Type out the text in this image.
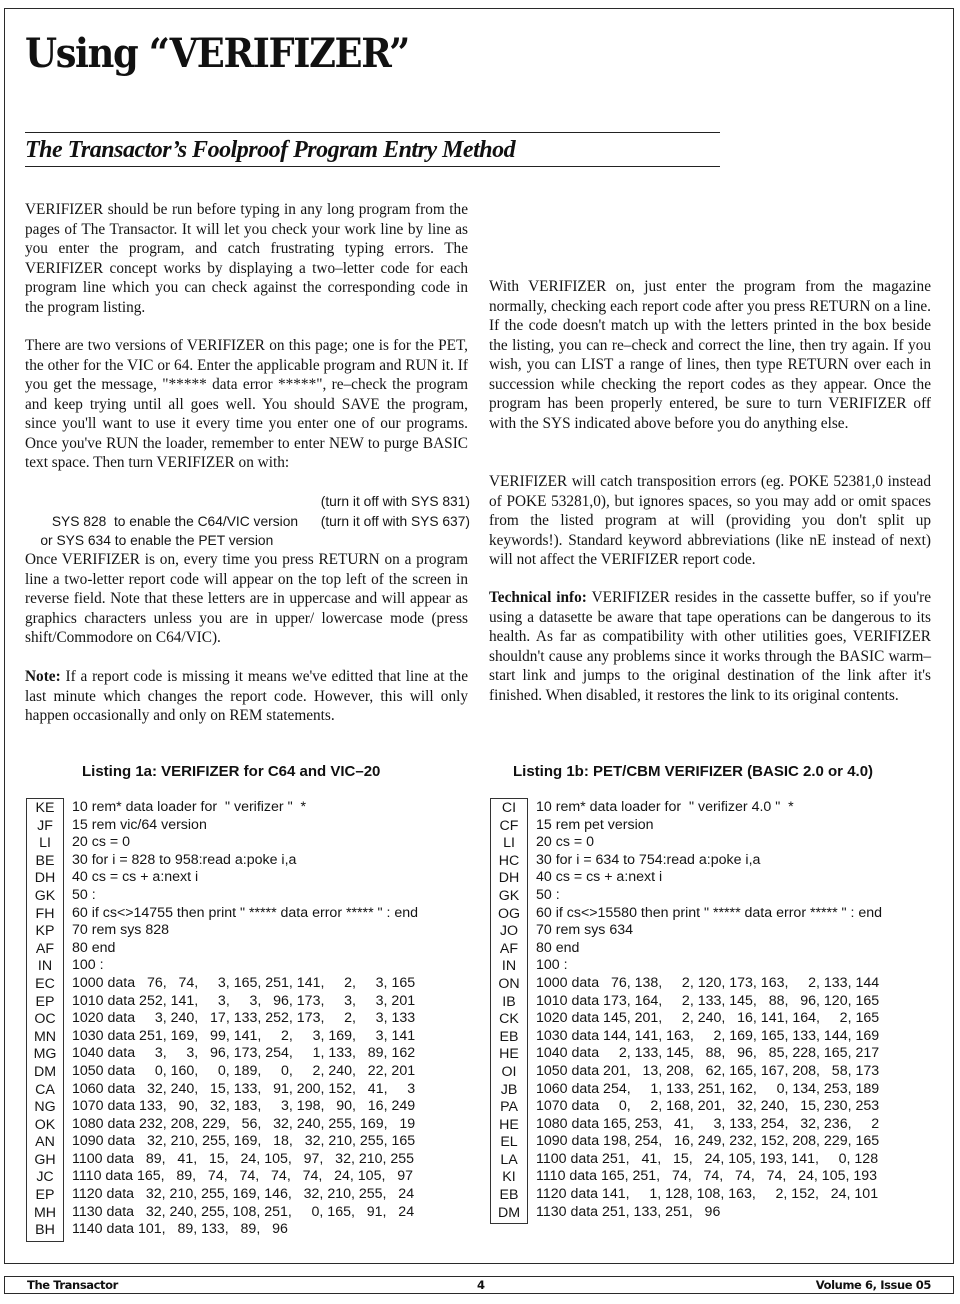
Using “VERIFIZER”
The Transactor’s Foolproof Program Entry Method

VERIFIZER should be run before typing in any long program from the pages of The Transactor. It will let you check your work line by line as you enter the program, and catch frustrating typing errors. The VERIFIZER concept works by displaying a two–letter code for each program line which you can check against the corresponding code in the program listing.

There are two versions of VERIFIZER on this page; one is for the PET, the other for the VIC or 64. Enter the applicable program and RUN it. If you get the message, "***** data error *****", re–check the program and keep trying until all goes well. You should SAVE the program, since you'll want to use it every time you enter one of our programs. Once you've RUN the loader, remember to enter NEW to purge BASIC text space. Then turn VERIFIZER on with:

SYS 828  to enable the C64/VIC version

(turn it off with SYS 831)

or SYS 634 to enable the PET version

(turn it off with SYS 637)

Once VERIFIZER is on, every time you press RETURN on a program line a two-letter report code will appear on the top left of the screen in reverse field. Note that these letters are in uppercase and will appear as graphics characters unless you are in upper/ lowercase mode (press shift/Commodore on C64/VIC).

Note: If a report code is missing it means we've editted that line at the last minute which changes the report code. However, this will only happen occasionally and only on REM statements.

With VERIFIZER on, just enter the program from the magazine normally, checking each report code after you press RETURN on a line. If the code doesn't match up with the letters printed in the box beside the listing, you can re–check and correct the line, then try again. If you wish, you can LIST a range of lines, then type RETURN over each in succession while checking the report codes as they appear. Once the program has been properly entered, be sure to turn VERIFIZER off with the SYS indicated above before you do anything else.

VERIFIZER will catch transposition errors (eg. POKE 52381,0 instead of POKE 53281,0), but ignores spaces, so you may add or omit spaces from the listed program at will (providing you don't split up keywords!). Standard keyword abbreviations (like nE instead of next) will not affect the VERIFIZER report code.

Technical info: VERIFIZER resides in the cassette buffer, so if you're using a datasette be aware that tape operations can be dangerous to its health. As far as compatibility with other utilities goes, VERIFIZER shouldn't cause any problems since it works through the BASIC warm–start link and jumps to the original destination of the link after it's finished. When disabled, it restores the link to its original contents.

Listing 1a: VERIFIZER for C64 and VIC–20
KE
JF
LI
BE
DH
GK
FH
KP
AF
IN
EC
EP
OC
MN
MG
DM
CA
NG
OK
AN
GH
JC
EP
MH
BH
10 rem* data loader for  " verifizer "  *
15 rem vic/64 version
20 cs = 0
30 for i = 828 to 958:read a:poke i,a
40 cs = cs + a:next i
50 :
60 if cs<>14755 then print " ***** data error ***** " : end
70 rem sys 828
80 end
100 :
1000 data   76,   74,     3, 165, 251, 141,     2,     3, 165
1010 data 252, 141,     3,     3,   96, 173,     3,     3, 201
1020 data     3, 240,   17, 133, 252, 173,     2,     3, 133
1030 data 251, 169,   99, 141,     2,     3, 169,     3, 141
1040 data     3,     3,   96, 173, 254,     1, 133,   89, 162
1050 data     0, 160,     0, 189,     0,     2, 240,   22, 201
1060 data   32, 240,   15, 133,   91, 200, 152,   41,     3
1070 data 133,   90,   32, 183,     3, 198,   90,   16, 249
1080 data 232, 208, 229,   56,   32, 240, 255, 169,   19
1090 data   32, 210, 255, 169,   18,   32, 210, 255, 165
1100 data   89,   41,   15,   24, 105,   97,   32, 210, 255
1110 data 165,   89,   74,   74,   74,   74,   24, 105,   97
1120 data   32, 210, 255, 169, 146,   32, 210, 255,   24
1130 data   32, 240, 255, 108, 251,     0, 165,   91,   24
1140 data 101,   89, 133,   89,   96
Listing 1b: PET/CBM VERIFIZER (BASIC 2.0 or 4.0)
CI
CF
LI
HC
DH
GK
OG
JO
AF
IN
ON
IB
CK
EB
HE
OI
JB
PA
HE
EL
LA
KI
EB
DM
10 rem* data loader for  " verifizer 4.0 "  *
15 rem pet version
20 cs = 0
30 for i = 634 to 754:read a:poke i,a
40 cs = cs + a:next i
50 :
60 if cs<>15580 then print " ***** data error ***** " : end
70 rem sys 634
80 end
100 :
1000 data   76, 138,     2, 120, 173, 163,     2, 133, 144
1010 data 173, 164,     2, 133, 145,   88,   96, 120, 165
1020 data 145, 201,     2, 240,   16, 141, 164,     2, 165
1030 data 144, 141, 163,     2, 169, 165, 133, 144, 169
1040 data     2, 133, 145,   88,   96,   85, 228, 165, 217
1050 data 201,   13, 208,   62, 165, 167, 208,   58, 173
1060 data 254,     1, 133, 251, 162,     0, 134, 253, 189
1070 data     0,     2, 168, 201,   32, 240,   15, 230, 253
1080 data 165, 253,   41,     3, 133, 254,   32, 236,     2
1090 data 198, 254,   16, 249, 232, 152, 208, 229, 165
1100 data 251,   41,   15,   24, 105, 193, 141,     0, 128
1110 data 165, 251,   74,   74,   74,   74,   24, 105, 193
1120 data 141,     1, 128, 108, 163,     2, 152,   24, 101
1130 data 251, 133, 251,   96
The Transactor	4	Volume 6, Issue 05
